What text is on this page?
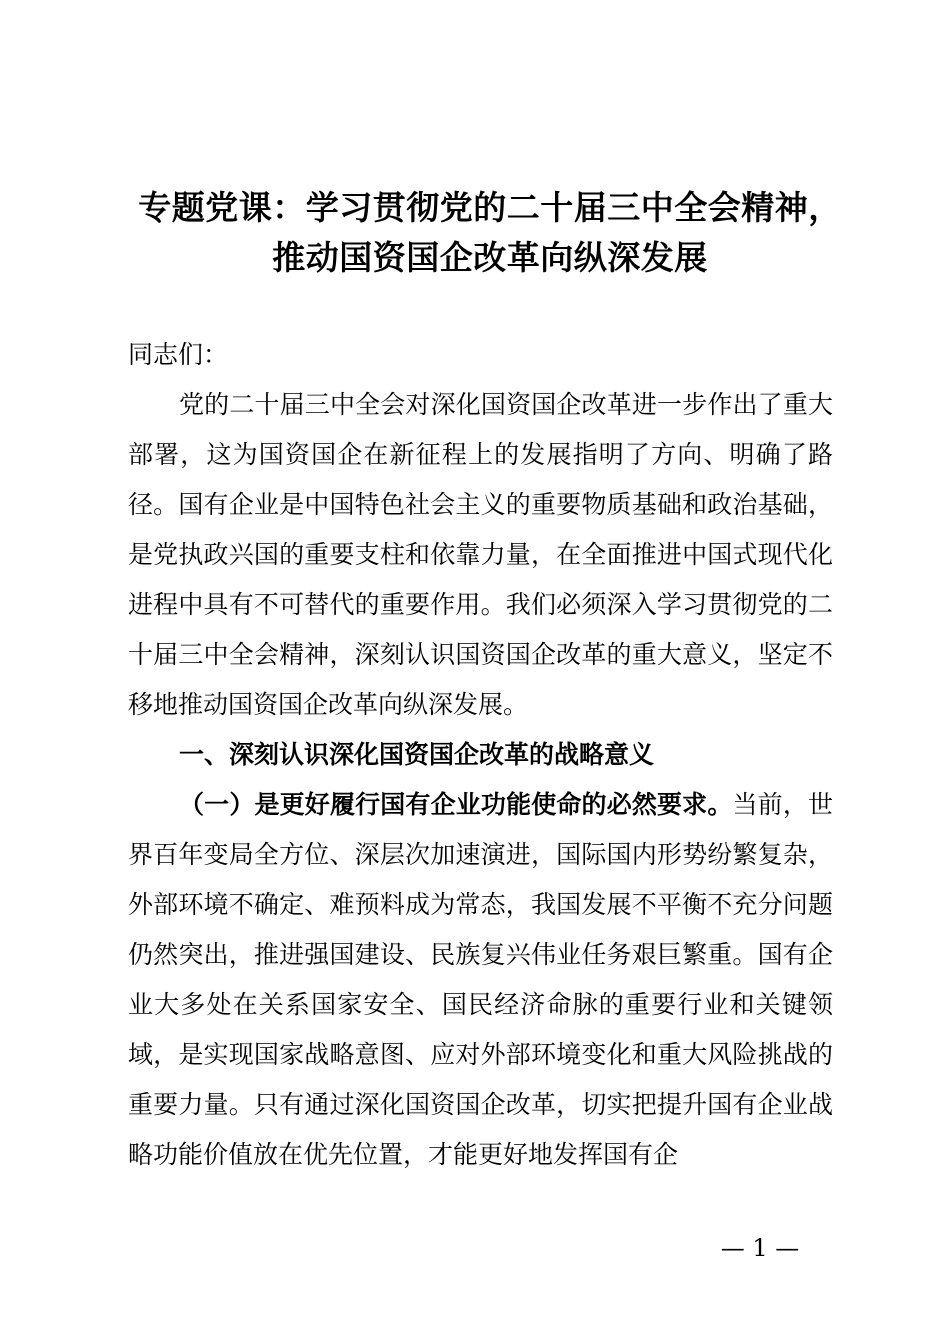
专题党课：学习贯彻党的二十届三中全会精神，
推动国资国企改革向纵深发展

同志们：

党的二十届三中全会对深化国资国企改革进一步作出了重大部署，这为国资国企在新征程上的发展指明了方向、明确了路径。国有企业是中国特色社会主义的重要物质基础和政治基础，是党执政兴国的重要支柱和依靠力量，在全面推进中国式现代化进程中具有不可替代的重要作用。我们必须深入学习贯彻党的二十届三中全会精神，深刻认识国资国企改革的重大意义，坚定不移地推动国资国企改革向纵深发展。

一、深刻认识深化国资国企改革的战略意义

（一）是更好履行国有企业功能使命的必然要求。当前，世界百年变局全方位、深层次加速演进，国际国内形势纷繁复杂，外部环境不确定、难预料成为常态，我国发展不平衡不充分问题仍然突出，推进强国建设、民族复兴伟业任务艰巨繁重。国有企业大多处在关系国家安全、国民经济命脉的重要行业和关键领域，是实现国家战略意图、应对外部环境变化和重大风险挑战的重要力量。只有通过深化国资国企改革，切实把提升国有企业战略功能价值放在优先位置，才能更好地发挥国有企

— 1 —
